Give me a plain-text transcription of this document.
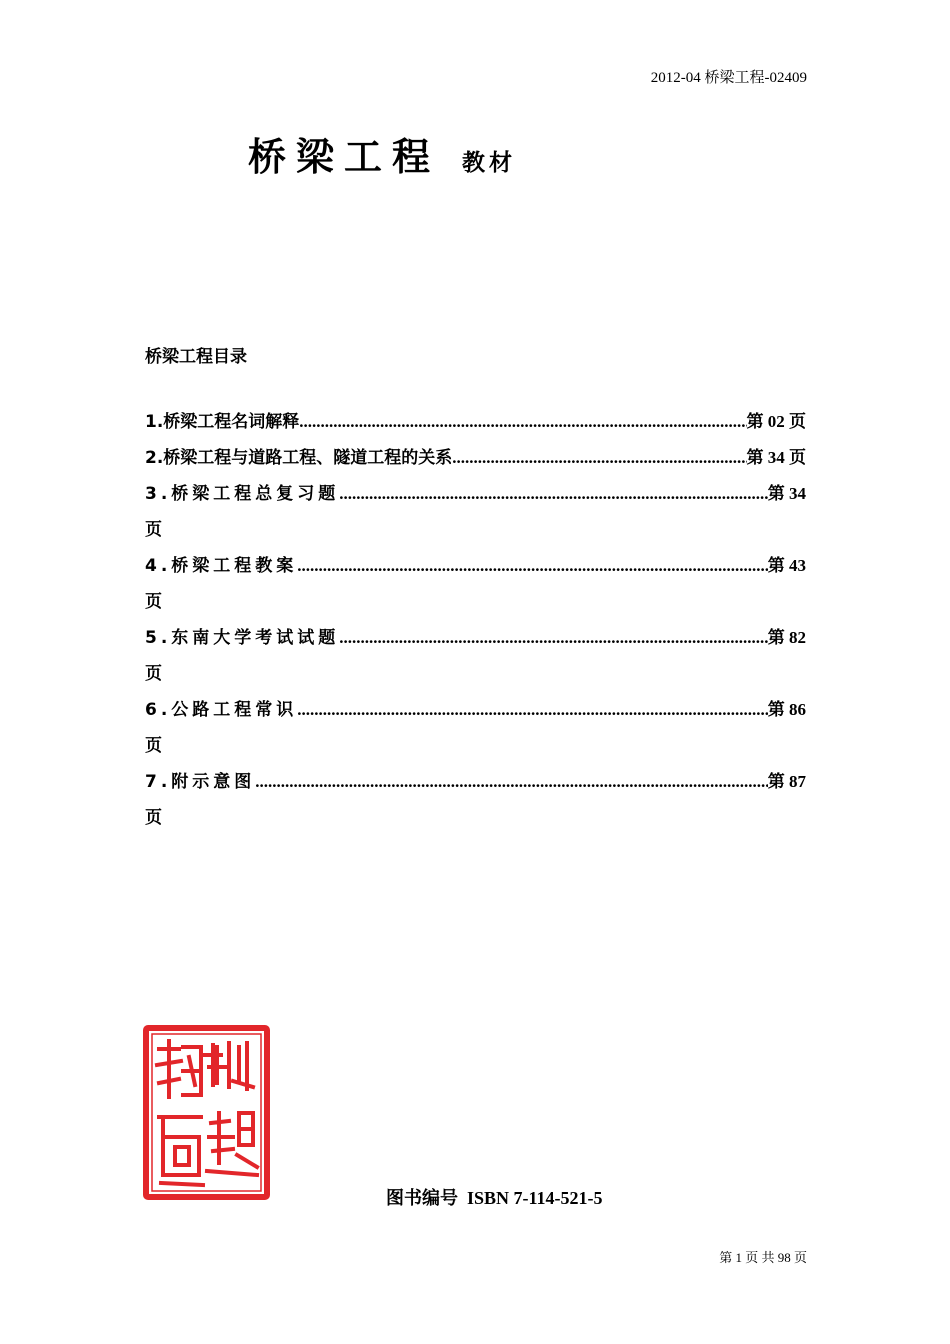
2012-04 桥梁工程-02409
桥梁工程 教材
桥梁工程目录
1.桥梁工程名词解释 .....	第 02 页
2.桥梁工程与道路工程、隧道工程的关系 .....	第 34 页
3.桥梁工程总复习题 .....	第 34
页
4.桥梁工程教案 .....	第 43
页
5.东南大学考试试题 .....	第 82
页
6.公路工程常识 .....	第 86
页
7.附示意图 .....	第 87
页
图书编号 ISBN 7-114-521-5
第 1 页 共 98 页
